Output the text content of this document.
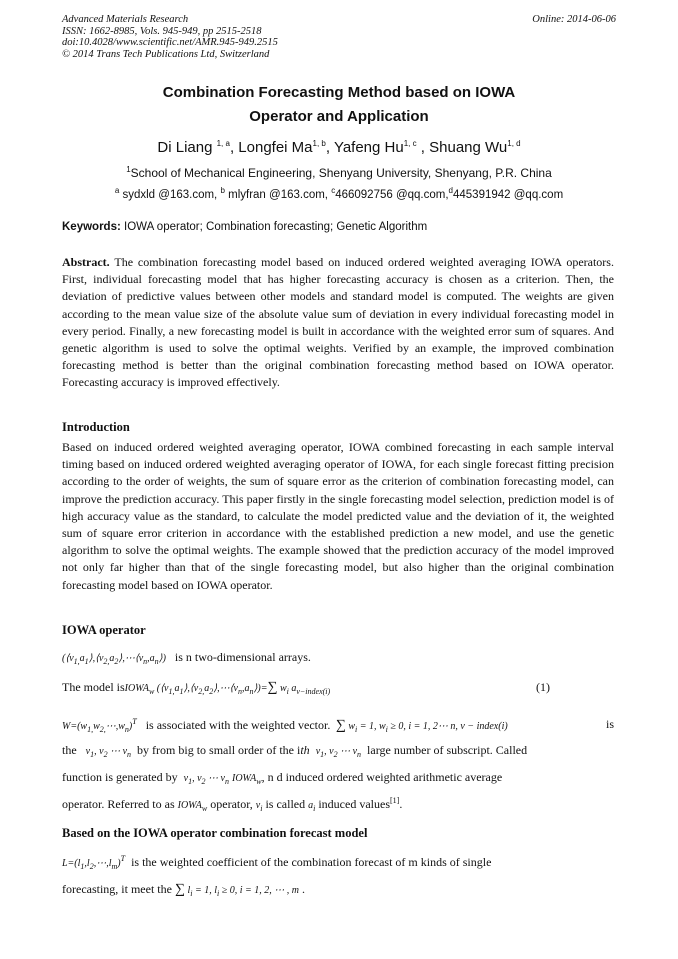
Advanced Materials Research
ISSN: 1662-8985, Vols. 945-949, pp 2515-2518
doi:10.4028/www.scientific.net/AMR.945-949.2515
© 2014 Trans Tech Publications Ltd, Switzerland
Online: 2014-06-06
Combination Forecasting Method based on IOWA
Operator and Application
Di Liang $^{1, a}$, Longfei Ma$^{1, b}$, Yafeng Hu$^{1, c}$ , Shuang Wu$^{1, d}$
$^1$School of Mechanical Engineering, Shenyang University, Shenyang, P.R. China
$^a$ sydxld @163.com, $^b$ mlyfran @163.com, $^c$466092756 @qq.com,$^d$445391942 @qq.com
Keywords: IOWA operator; Combination forecasting; Genetic Algorithm
Abstract. The combination forecasting model based on induced ordered weighted averaging IOWA operators. First, individual forecasting model that has higher forecasting accuracy is chosen as a criterion. Then, the deviation of predictive values between other models and standard model is computed. The weights are given according to the mean value size of the absolute value sum of deviation in every individual forecasting model in every period. Finally, a new forecasting model is built in accordance with the weighted error sum of squares. And genetic algorithm is used to solve the optimal weights. Verified by an example, the improved combination forecasting method is better than the original combination forecasting method based on IOWA operator. Forecasting accuracy is improved effectively.
Introduction
Based on induced ordered weighted averaging operator, IOWA combined forecasting in each sample interval timing based on induced ordered weighted averaging operator of IOWA, for each single forecast fitting precision according to the order of weights, the sum of square error as the criterion of combination forecasting model, can improve the prediction accuracy. This paper firstly in the single forecasting model selection, prediction model is of high accuracy value as the standard, to calculate the model predicted value and the deviation of it, the weighted sum of square error criterion in accordance with the established prediction a new model, and use the genetic algorithm to solve the optimal weights. The example showed that the prediction accuracy of the model improved not only far higher than that of the single forecasting model, but also higher than the original combination forecasting model based on IOWA operator.
IOWA operator
$(⟨v_{1,}a_1⟩,⟨v_{2,}a_2⟩,\cdots⟨v_n,a_n⟩)$ is n two-dimensional arrays.
The model isIOWA$_w$ $(⟨v_{1,}a_1⟩,⟨v_{2,}a_2⟩,\cdots⟨v_n,a_n⟩)=\sum$ $w_i$ $a_{v-index(i)}$	(1)
$W=(w_{1,}w_{2,}\cdots,w_n)^T$ is associated with the weighted vector. ∑ $w_i = 1$, $w_i \ge 0$, i = 1, 2⋯ n, v − index(i)	is
the $v_1$, $v_2$ ⋯ $v_n$ by from big to small order of the ith $v_1$, $v_2$ ⋯ $v_n$ large number of subscript. Called
function is generated by $v_1$, $v_2$ ⋯ $v_n$ $IOWA_w$, n d induced ordered weighted arithmetic average
operator. Referred to as $IOWA_w$ operator, $v_i$ is called $a_i$ induced values[1].
Based on the IOWA operator combination forecast model
$L=(l_1,l_2,\cdots,l_m)^T$ is the weighted coefficient of the combination forecast of m kinds of single
forecasting, it meet the ∑ $l_i = 1$, $l_i \ge 0$, i = 1, 2, ⋯ , m .
